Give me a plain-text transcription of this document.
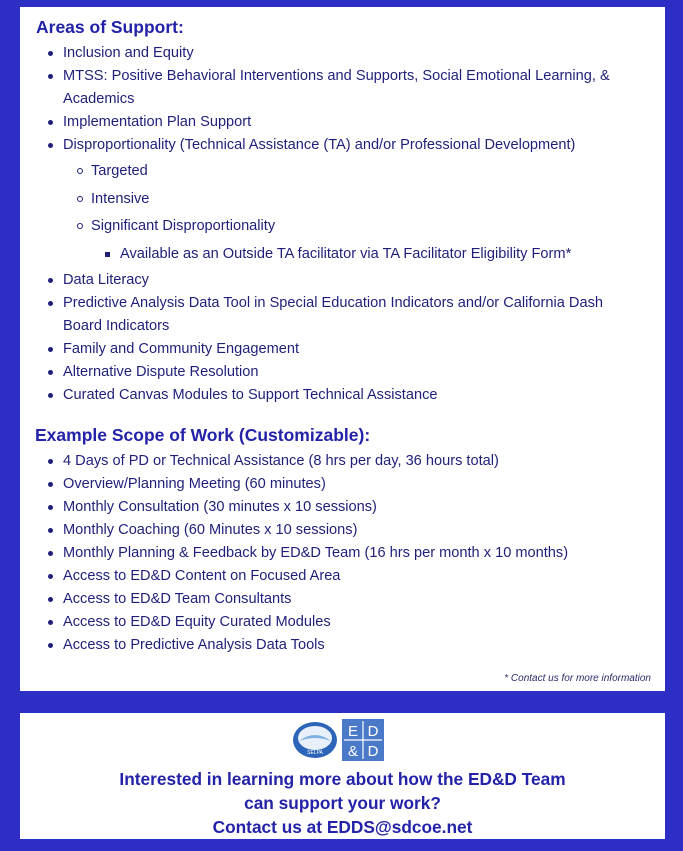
Areas of Support:
Inclusion and Equity
MTSS: Positive Behavioral Interventions and Supports, Social Emotional Learning, &
Academics
Implementation Plan Support
Disproportionality (Technical Assistance (TA) and/or Professional Development)
Targeted
Intensive
Significant Disproportionality
Available as an Outside TA facilitator via TA Facilitator Eligibility Form*
Data Literacy
Predictive Analysis Data Tool in Special Education Indicators and/or California Dash
Board Indicators
Family and Community Engagement
Alternative Dispute Resolution
Curated Canvas Modules to Support Technical Assistance
Example Scope of Work (Customizable):
4 Days of PD or Technical Assistance (8 hrs per day, 36 hours total)
Overview/Planning Meeting (60 minutes)
Monthly Consultation (30 minutes x 10 sessions)
Monthly Coaching (60 Minutes x 10 sessions)
Monthly Planning & Feedback by ED&D Team (16 hrs per month x 10 months)
Access to ED&D Content on Focused Area
Access to ED&D Team Consultants
Access to ED&D Equity Curated Modules
Access to Predictive Analysis Data Tools
* Contact us for more information
SELPA
E D
& D
Interested in learning more about how the ED&D Team
can support your work?
Contact us at EDDS@sdcoe.net
